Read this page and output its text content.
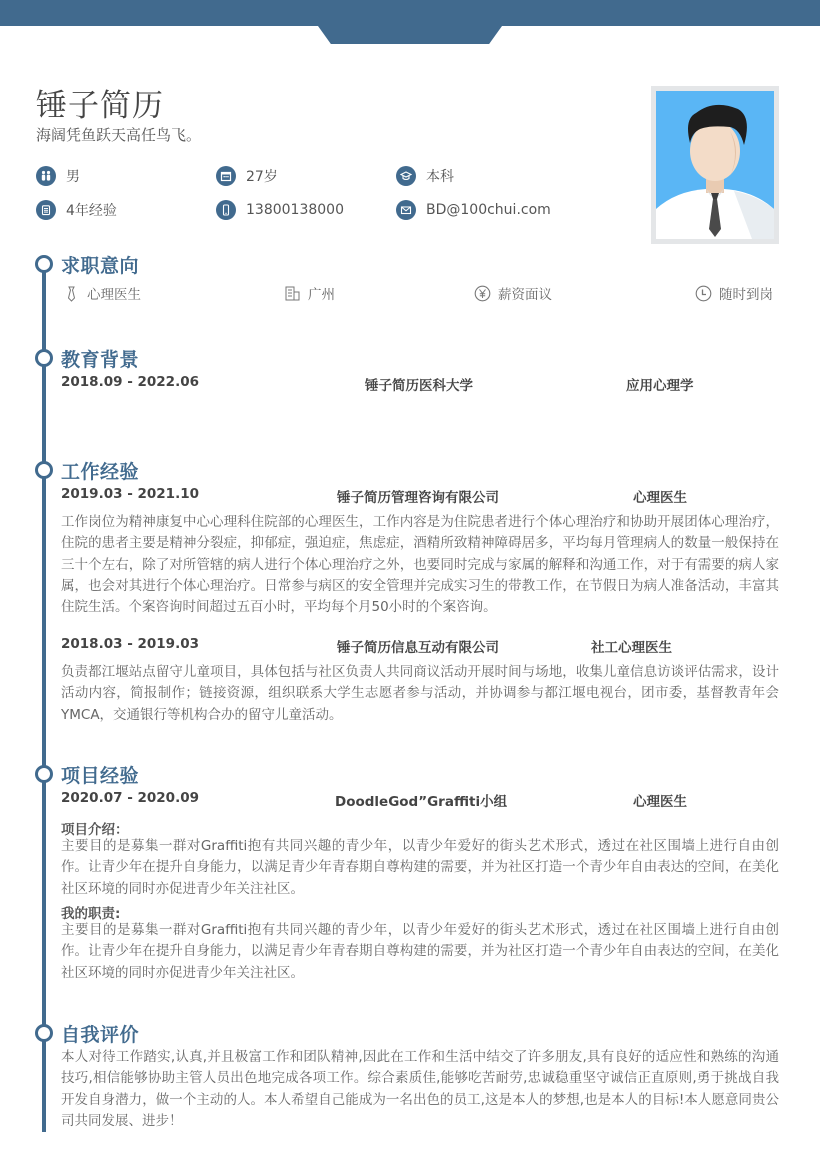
锤子简历
海阔凭鱼跃天高任鸟飞。
男	27岁	本科
4年经验	13800138000	BD@100chui.com
求职意向
心理医生	广州	薪资面议	随时到岗
教育背景
2018.09 - 2022.06	锤子简历医科大学	应用心理学
工作经验
2019.03 - 2021.10	锤子简历管理咨询有限公司	心理医生
工作岗位为精神康复中心心理科住院部的心理医生，工作内容是为住院患者进行个体心理治疗和协助开展团体心理治疗，住院的患者主要是精神分裂症，抑郁症，强迫症，焦虑症，酒精所致精神障碍居多，平均每月管理病人的数量一般保持在三十个左右，除了对所管辖的病人进行个体心理治疗之外，也要同时完成与家属的解释和沟通工作，对于有需要的病人家属，也会对其进行个体心理治疗。日常参与病区的安全管理并完成实习生的带教工作，在节假日为病人准备活动，丰富其住院生活。个案咨询时间超过五百小时，平均每个月50小时的个案咨询。
2018.03 - 2019.03	锤子简历信息互动有限公司	社工心理医生
负责都江堰站点留守儿童项目，具体包括与社区负责人共同商议活动开展时间与场地，收集儿童信息访谈评估需求，设计活动内容，简报制作；链接资源，组织联系大学生志愿者参与活动，并协调参与都江堰电视台，团市委，基督教青年会YMCA，交通银行等机构合办的留守儿童活动。
项目经验
2020.07 - 2020.09	DoodleGod”Graffiti小组	心理医生
项目介绍：
主要目的是募集一群对Graffiti抱有共同兴趣的青少年，以青少年爱好的街头艺术形式，透过在社区围墙上进行自由创作。让青少年在提升自身能力，以满足青少年青春期自尊构建的需要，并为社区打造一个青少年自由表达的空间，在美化社区环境的同时亦促进青少年关注社区。
我的职责:
主要目的是募集一群对Graffiti抱有共同兴趣的青少年，以青少年爱好的街头艺术形式，透过在社区围墙上进行自由创作。让青少年在提升自身能力，以满足青少年青春期自尊构建的需要，并为社区打造一个青少年自由表达的空间，在美化社区环境的同时亦促进青少年关注社区。
自我评价
本人对待工作踏实,认真,并且极富工作和团队精神,因此在工作和生活中结交了许多朋友,具有良好的适应性和熟练的沟通技巧,相信能够协助主管人员出色地完成各项工作。综合素质佳,能够吃苦耐劳,忠诚稳重坚守诚信正直原则,勇于挑战自我开发自身潜力，做一个主动的人。本人希望自己能成为一名出色的员工,这是本人的梦想,也是本人的目标!本人愿意同贵公司共同发展、进步！
